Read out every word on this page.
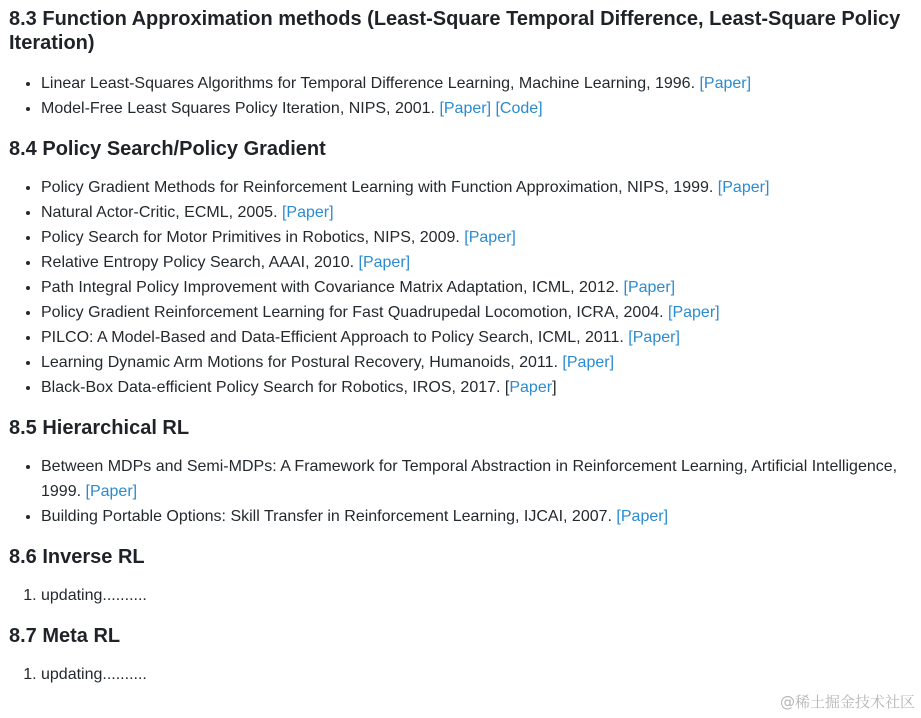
8.3 Function Approximation methods (Least-Square Temporal Difference, Least-Square Policy Iteration)
• Linear Least-Squares Algorithms for Temporal Difference Learning, Machine Learning, 1996. [Paper]
• Model-Free Least Squares Policy Iteration, NIPS, 2001. [Paper] [Code]
8.4 Policy Search/Policy Gradient
• Policy Gradient Methods for Reinforcement Learning with Function Approximation, NIPS, 1999. [Paper]
• Natural Actor-Critic, ECML, 2005. [Paper]
• Policy Search for Motor Primitives in Robotics, NIPS, 2009. [Paper]
• Relative Entropy Policy Search, AAAI, 2010. [Paper]
• Path Integral Policy Improvement with Covariance Matrix Adaptation, ICML, 2012. [Paper]
• Policy Gradient Reinforcement Learning for Fast Quadrupedal Locomotion, ICRA, 2004. [Paper]
• PILCO: A Model-Based and Data-Efficient Approach to Policy Search, ICML, 2011. [Paper]
• Learning Dynamic Arm Motions for Postural Recovery, Humanoids, 2011. [Paper]
• Black-Box Data-efficient Policy Search for Robotics, IROS, 2017. [Paper]
8.5 Hierarchical RL
• Between MDPs and Semi-MDPs: A Framework for Temporal Abstraction in Reinforcement Learning, Artificial Intelligence, 1999. [Paper]
• Building Portable Options: Skill Transfer in Reinforcement Learning, IJCAI, 2007. [Paper]
8.6 Inverse RL
1. updating..........
8.7 Meta RL
1. updating..........
@稀土掘金技术社区
